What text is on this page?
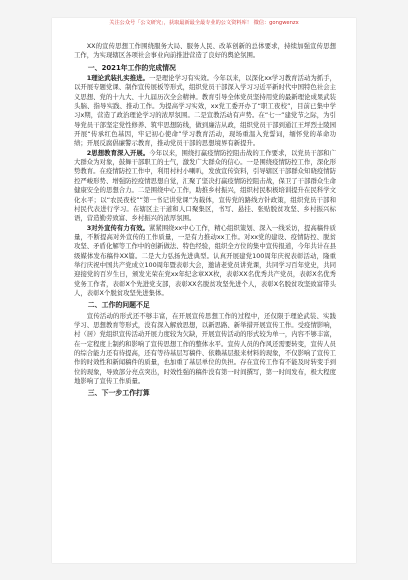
关注公众号「公文研究」，获取最新最全最专业的公文资料库！ 微信：gongwenzx

XX的宣传思想工作围绕服务大局、服务人民、改革创新的总体要求，持续加强宣传思想工作，为实现辖区各项社会事业向前推进营造了良好的舆论氛围。

一、2021年工作的完成情况

1理论武装扎实推进。一是理论学习有实效。今年以来，以深化xx学习教育活动为抓手，以开展专题党课、制作宣传展板等形式，组织党员干部深入学习习近平新时代中国特色社会主义思想、党的十九大、十九届历次全会精神。教育引导全体党员坚持用党的最新理论成果武装头脑、指导实践、推动工作。为提高学习实效，xx党工委开办了“职工夜校”，目前已集中学习x期，营造了政治理论学习的浓厚氛围。二是宣教活动有声势。在“七一”建党节之际，为引导党员干部坚定党性修养、筑牢思想防线，做到廉洁从政，组织党员干部到通江王坪烈士陵园开展“传承红色基因，牢记初心使命”学习教育活动，现场重温入党誓词，缅怀党的革命功绩；开展反腐倡廉警示教育，推动党员干部的思想境界有新提升。

2思想教育深入开展。今年以来，围绕打赢疫情防控阻击战的工作要求，以党员干部和广大群众为对象，鼓舞干部职工的士气，激发广大群众的信心。一是围绕疫情防控工作，深化形势教育。在疫情防控工作中，利用村村小喇叭，发放宣传资料，引导辖区干部群众知晓疫情防控严峻形势、增强防控疫情思想自觉，汇聚了坚决打赢疫情防控阻击战，保卫了干部群众生命健康安全的思想合力。二是围绕中心工作，助推乡村振兴，组织村民积极培训提升在民科学文化水平；以“农民夜校”“第一书记讲党课”为载体，宣传党的路线方针政策，组织党员干部和村民代表进行学习。在辖区主干道和人口聚集区，书写、悬挂、张贴脱贫攻坚、乡村振兴标语，营造勤劳致富、乡村振兴的浓厚氛围。

3对外宣传有力有效。紧紧围绕xx中心工作，精心组织策划、深入一线采访，提高稿件质量，不断提高对外宣传的工作质量，一是有力推动xx工作。对xx党的建设、疫情防控、脱贫攻坚、矛盾化解等工作中的创新做法、特色经验，组织全方位的集中宣传报道，今年共计在县级媒体发布稿件XX篇。二是大力弘扬先进典型。认真开展建党100周年庆祝表彰活动，隆重举行庆祝中国共产党成立100周年暨表彰大会，邀请老党员讲党课，共同学习百年党史，共同迎接党的百岁生日，颁发光荣在党xx年纪念章XX枚，表彰XX名优秀共产党员，表彰X名优秀党务工作者，表彰X个先进党支部，表彰XX名脱贫攻坚先进个人，表彰X名脱贫攻坚致富带头人，表彰X个脱贫攻坚先进集体。

二、工作的问题不足

宣传活动的形式还不够丰富，在开展宣传思想工作的过程中，还仅限于理论武装、实践学习、思想教育等形式，没有深入解放思想，以新思路、新举措开展宣传工作。受疫情影响，村（居）党组织宣传活动开展力度较为欠缺，开展宣传活动的形式较为单一，内容不够丰富，在一定程度上制约和影响了宣传思想工作的整体水平。宣传人员的作风还需要转变，宣传人员的综合能力还有待提高，还有等待基层写稿件、依赖基层报来材料的现象，不仅影响了宣传工作的时效性和新闻稿件的质量，也加重了基层单位的负担。存在宣传工作有不能及时转变手到位的现象，导致部分亮点突出，时效性强的稿件没有第一时间撰写，第一时间发布，极大程度地影响了宣传工作质量。

三、下一步工作打算
